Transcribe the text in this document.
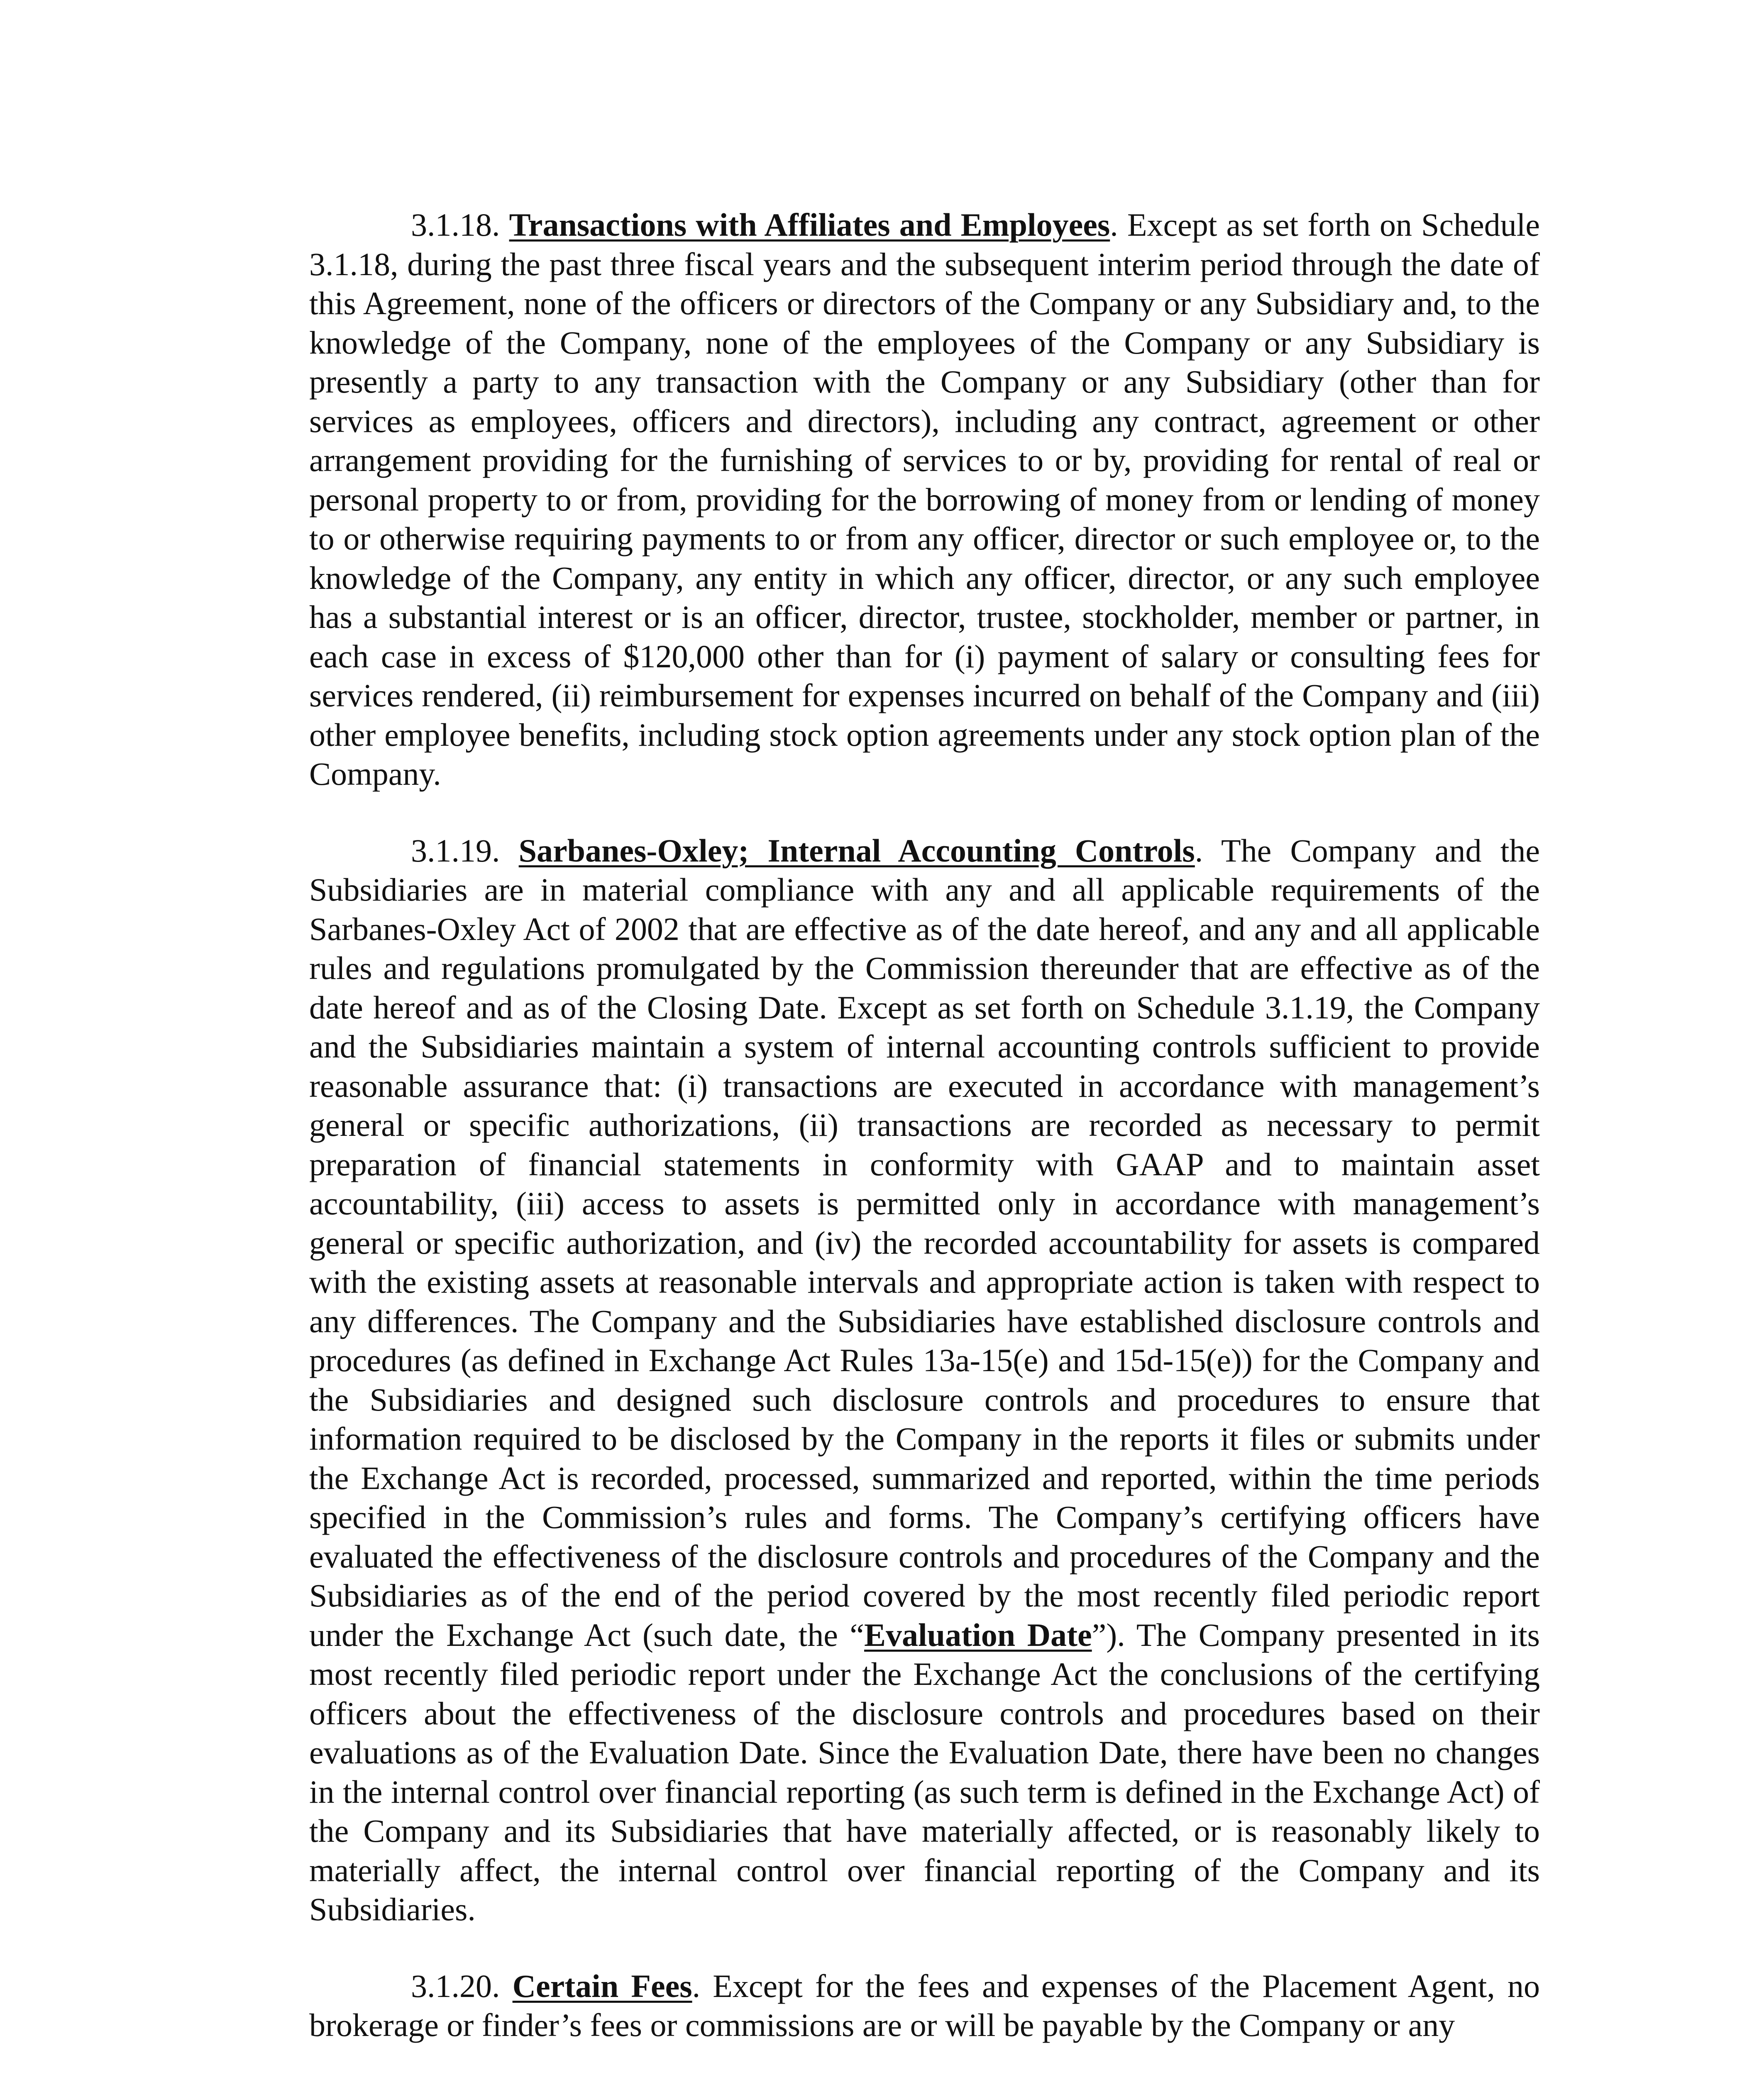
3.1.18. Transactions with Affiliates and Employees. Except as set forth on Schedule 3.1.18, during the past three fiscal years and the subsequent interim period through the date of this Agreement, none of the officers or directors of the Company or any Subsidiary and, to the knowledge of the Company, none of the employees of the Company or any Subsidiary is presently a party to any transaction with the Company or any Subsidiary (other than for services as employees, officers and directors), including any contract, agreement or other arrangement providing for the furnishing of services to or by, providing for rental of real or personal property to or from, providing for the borrowing of money from or lending of money to or otherwise requiring payments to or from any officer, director or such employee or, to the knowledge of the Company, any entity in which any officer, director, or any such employee has a substantial interest or is an officer, director, trustee, stockholder, member or partner, in each case in excess of $120,000 other than for (i) payment of salary or consulting fees for services rendered, (ii) reimbursement for expenses incurred on behalf of the Company and (iii) other employee benefits, including stock option agreements under any stock option plan of the Company.

3.1.19. Sarbanes-Oxley; Internal Accounting Controls. The Company and the Subsidiaries are in material compliance with any and all applicable requirements of the Sarbanes-Oxley Act of 2002 that are effective as of the date hereof, and any and all applicable rules and regulations promulgated by the Commission thereunder that are effective as of the date hereof and as of the Closing Date. Except as set forth on Schedule 3.1.19, the Company and the Subsidiaries maintain a system of internal accounting controls sufficient to provide reasonable assurance that: (i) transactions are executed in accordance with management’s general or specific authorizations, (ii) transactions are recorded as necessary to permit preparation of financial statements in conformity with GAAP and to maintain asset accountability, (iii) access to assets is permitted only in accordance with management’s general or specific authorization, and (iv) the recorded accountability for assets is compared with the existing assets at reasonable intervals and appropriate action is taken with respect to any differences. The Company and the Subsidiaries have established disclosure controls and procedures (as defined in Exchange Act Rules 13a-15(e) and 15d-15(e)) for the Company and the Subsidiaries and designed such disclosure controls and procedures to ensure that information required to be disclosed by the Company in the reports it files or submits under the Exchange Act is recorded, processed, summarized and reported, within the time periods specified in the Commission’s rules and forms. The Company’s certifying officers have evaluated the effectiveness of the disclosure controls and procedures of the Company and the Subsidiaries as of the end of the period covered by the most recently filed periodic report under the Exchange Act (such date, the “Evaluation Date”). The Company presented in its most recently filed periodic report under the Exchange Act the conclusions of the certifying officers about the effectiveness of the disclosure controls and procedures based on their evaluations as of the Evaluation Date. Since the Evaluation Date, there have been no changes in the internal control over financial reporting (as such term is defined in the Exchange Act) of the Company and its Subsidiaries that have materially affected, or is reasonably likely to materially affect, the internal control over financial reporting of the Company and its Subsidiaries.

3.1.20. Certain Fees. Except for the fees and expenses of the Placement Agent, no brokerage or finder’s fees or commissions are or will be payable by the Company or any
